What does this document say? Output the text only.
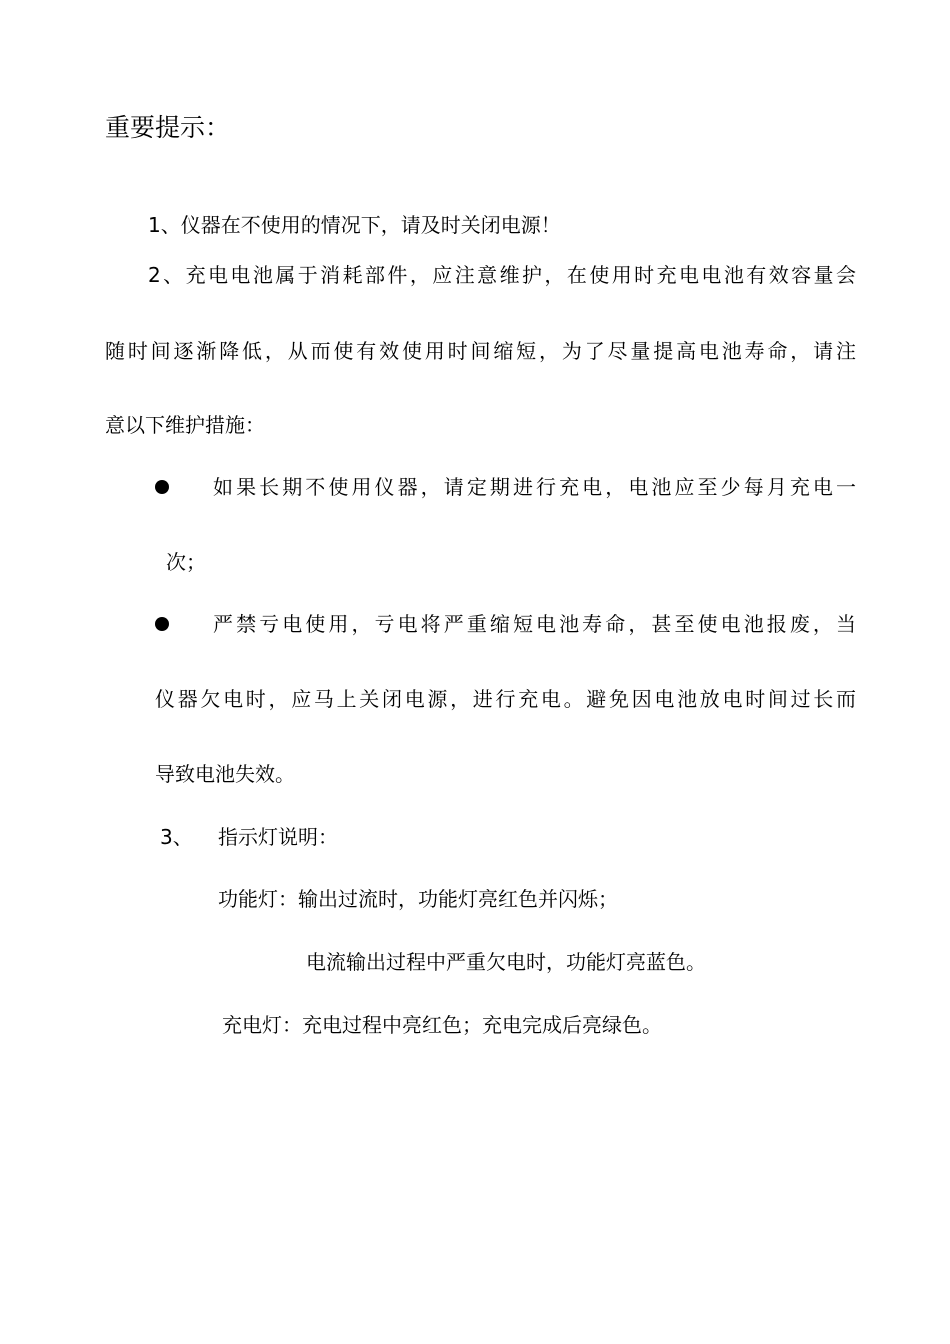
重要提示：
1、仪器在不使用的情况下，请及时关闭电源！
2、充电电池属于消耗部件，应注意维护，在使用时充电电池有效容量会
随时间逐渐降低，从而使有效使用时间缩短，为了尽量提高电池寿命，请注
意以下维护措施：
如果长期不使用仪器，请定期进行充电，电池应至少每月充电一
次；
严禁亏电使用，亏电将严重缩短电池寿命，甚至使电池报废，当
仪器欠电时，应马上关闭电源，进行充电。避免因电池放电时间过长而
导致电池失效。
3、 指示灯说明：
功能灯：输出过流时，功能灯亮红色并闪烁；
电流输出过程中严重欠电时，功能灯亮蓝色。
充电灯：充电过程中亮红色；充电完成后亮绿色。
